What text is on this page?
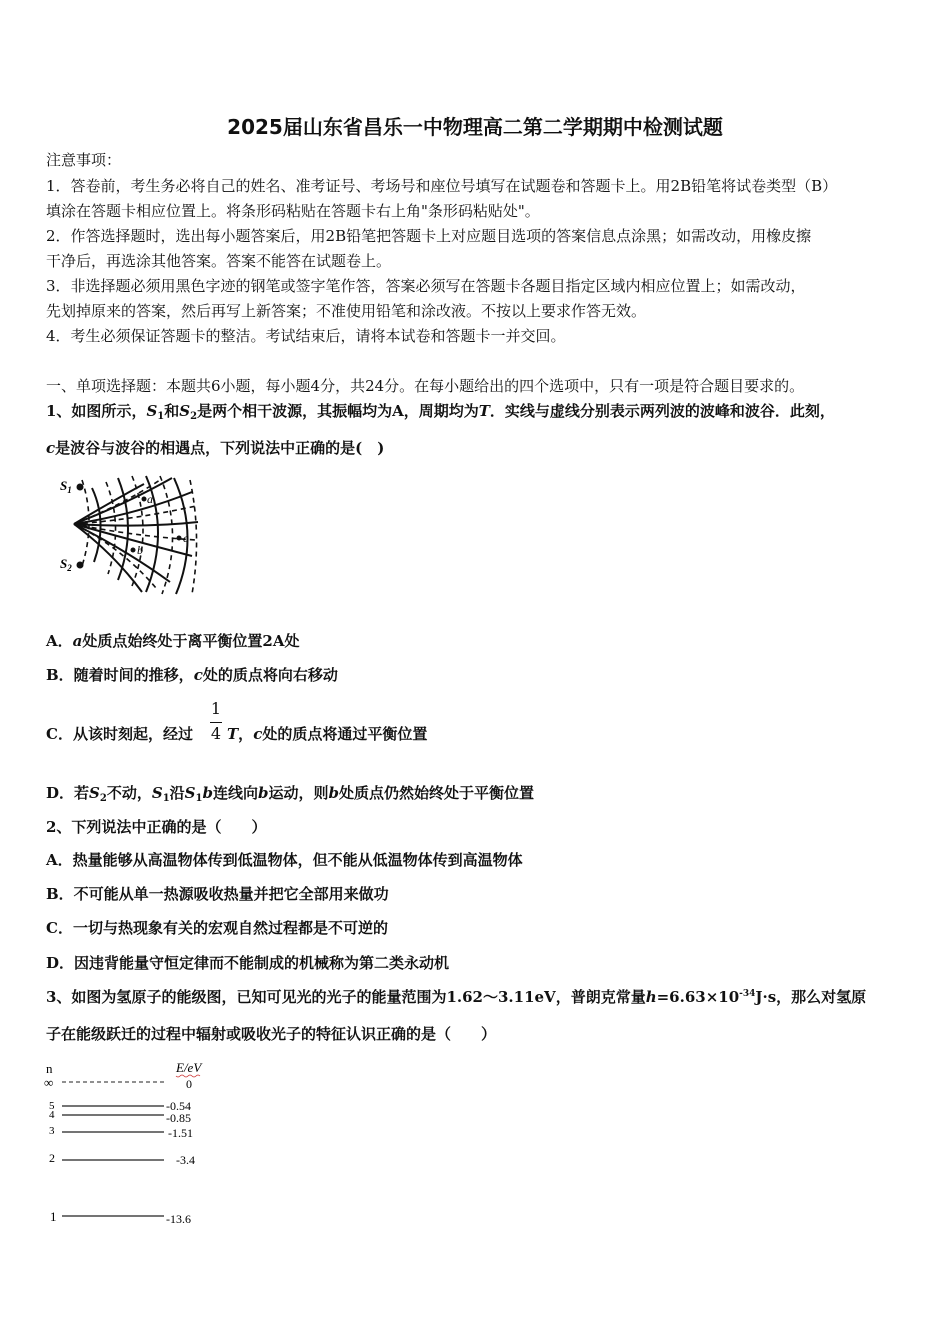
2025届山东省昌乐一中物理高二第二学期期中检测试题
注意事项：
1．答卷前，考生务必将自己的姓名、准考证号、考场号和座位号填写在试题卷和答题卡上。用2B铅笔将试卷类型（B）
填涂在答题卡相应位置上。将条形码粘贴在答题卡右上角"条形码粘贴处"。
2．作答选择题时，选出每小题答案后，用2B铅笔把答题卡上对应题目选项的答案信息点涂黑；如需改动，用橡皮擦
干净后，再选涂其他答案。答案不能答在试题卷上。
3．非选择题必须用黑色字迹的钢笔或签字笔作答，答案必须写在答题卡各题目指定区域内相应位置上；如需改动，
先划掉原来的答案，然后再写上新答案；不准使用铅笔和涂改液。不按以上要求作答无效。
4．考生必须保证答题卡的整洁。考试结束后，请将本试卷和答题卡一并交回。
一、单项选择题：本题共6小题，每小题4分，共24分。在每小题给出的四个选项中，只有一项是符合题目要求的。
1、如图所示，$S_1$和$S_2$是两个相干波源，其振幅均为A，周期均为T．实线与虚线分别表示两列波的波峰和波谷．此刻，
c是波谷与波谷的相遇点，下列说法中正确的是(　)
$S_1$
$S_2$
a
b
c
A．a处质点始终处于离平衡位置2A处
B．随着时间的推移，c处的质点将向右移动
C．从该时刻起，经过
1
4 T，c处的质点将通过平衡位置
D．若$S_2$不动，$S_1$沿$S_1b$连线向b运动，则b处质点仍然始终处于平衡位置
2、下列说法中正确的是（　　）
A．热量能够从高温物体传到低温物体，但不能从低温物体传到高温物体
B．不可能从单一热源吸收热量并把它全部用来做功
C．一切与热现象有关的宏观自然过程都是不可逆的
D．因违背能量守恒定律而不能制成的机械称为第二类永动机
3、如图为氢原子的能级图，已知可见光的光子的能量范围为1.62～3.11eV，普朗克常量$h=6.63\times 10^{-34}J\cdot s$，那么对氢原
子在能级跃迁的过程中辐射或吸收光子的特征认识正确的是（　　）
n	E/eV
∞	0
5	-0.54
4	-0.85
3	-1.51
2	-3.4
1	-13.6
